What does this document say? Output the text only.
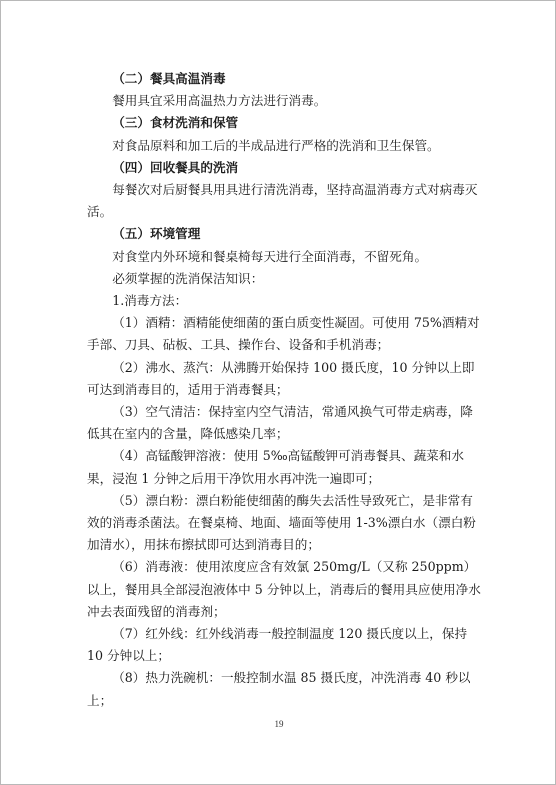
（二）餐具高温消毒

餐用具宜采用高温热力方法进行消毒。

（三）食材洗消和保管

对食品原料和加工后的半成品进行严格的洗消和卫生保管。

（四）回收餐具的洗消

每餐次对后厨餐具用具进行清洗消毒，坚持高温消毒方式对病毒灭活。

（五）环境管理

对食堂内外环境和餐桌椅每天进行全面消毒，不留死角。

必须掌握的洗消保洁知识：

1.消毒方法：

（1）酒精：酒精能使细菌的蛋白质变性凝固。可使用 75%酒精对手部、刀具、砧板、工具、操作台、设备和手机消毒；

（2）沸水、蒸汽：从沸腾开始保持 100 摄氏度，10 分钟以上即可达到消毒目的，适用于消毒餐具；

（3）空气清洁：保持室内空气清洁，常通风换气可带走病毒，降低其在室内的含量，降低感染几率；

（4）高锰酸钾溶液：使用 5‰高锰酸钾可消毒餐具、蔬菜和水果，浸泡 1 分钟之后用干净饮用水再冲洗一遍即可；

（5）漂白粉：漂白粉能使细菌的酶失去活性导致死亡，是非常有效的消毒杀菌法。在餐桌椅、地面、墙面等使用 1-3%漂白水（漂白粉加清水），用抹布擦拭即可达到消毒目的；

（6）消毒液：使用浓度应含有效氯 250mg/L（又称 250ppm）以上，餐用具全部浸泡液体中 5 分钟以上，消毒后的餐用具应使用净水冲去表面残留的消毒剂；

（7）红外线：红外线消毒一般控制温度 120 摄氏度以上，保持 10 分钟以上；

（8）热力洗碗机：一般控制水温 85 摄氏度，冲洗消毒 40 秒以上；

19
